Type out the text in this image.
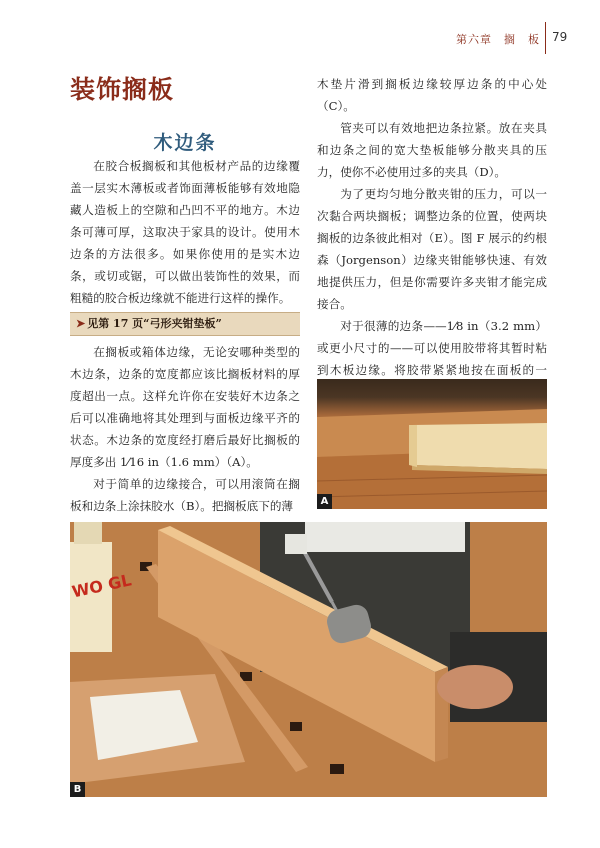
第六章　搁　板 79
装饰搁板
木边条

在胶合板搁板和其他板材产品的边缘覆盖一层实木薄板或者饰面薄板能够有效地隐藏人造板上的空隙和凸凹不平的地方。木边条可薄可厚，这取决于家具的设计。使用木边条的方法很多。如果你使用的是实木边条，或切或锯，可以做出装饰性的效果，而粗糙的胶合板边缘就不能进行这样的操作。

➤ 见第 17 页“弓形夹钳垫板”

在搁板或箱体边缘，无论安哪种类型的木边条，边条的宽度都应该比搁板材料的厚度超出一点。这样允许你在安装好木边条之后可以准确地将其处理到与面板边缘平齐的状态。木边条的宽度经打磨后最好比搁板的厚度多出 1⁄16 in（1.6 mm）（A）。

对于简单的边缘接合，可以用滚筒在搁板和边条上涂抹胶水（B）。把搁板底下的薄

木垫片滑到搁板边缘较厚边条的中心处（C）。

管夹可以有效地把边条拉紧。放在夹具和边条之间的宽大垫板能够分散夹具的压力，使你不必使用过多的夹具（D）。

为了更均匀地分散夹钳的压力，可以一次黏合两块搁板；调整边条的位置，使两块搁板的边条彼此相对（E）。图 F 展示的约根森（Jorgenson）边缘夹钳能够快速、有效地提供压力，但是你需要许多夹钳才能完成接合。

对于很薄的边条——1⁄8 in（3.2 mm）或更小尺寸的——可以使用胶带将其暂时粘到木板边缘。将胶带紧紧地按在面板的一

A
WO GL
B
